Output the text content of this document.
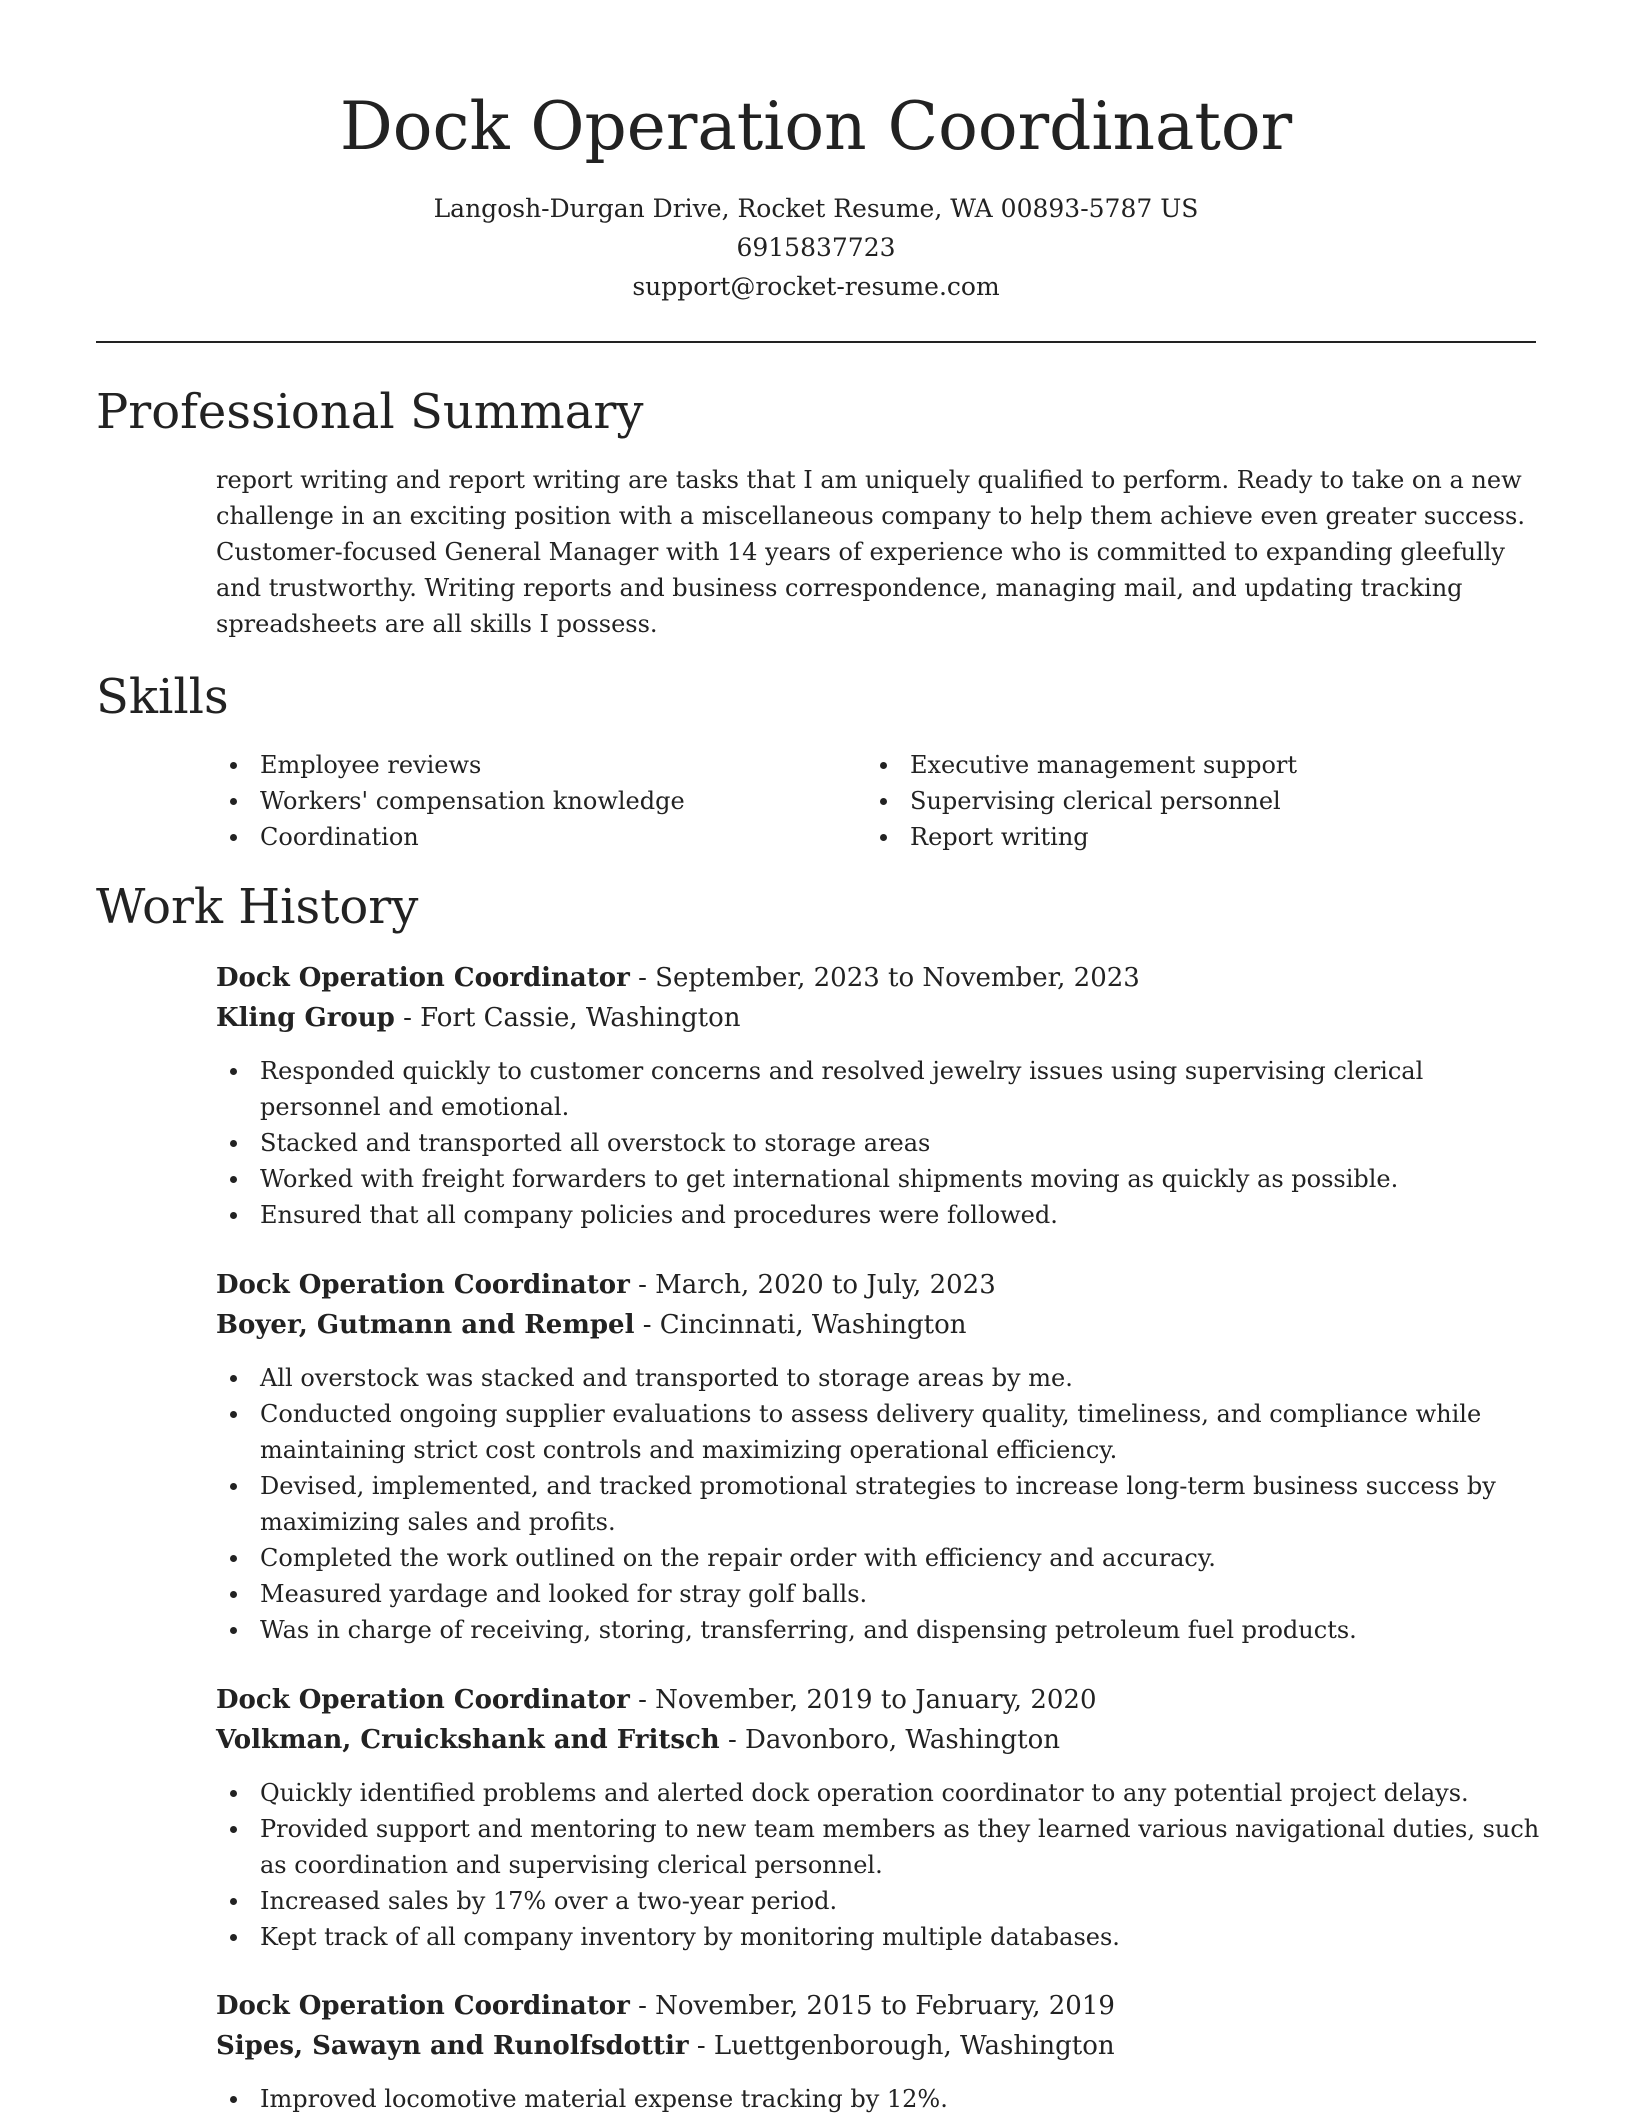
Dock Operation Coordinator
Langosh-Durgan Drive, Rocket Resume, WA 00893-5787 US
6915837723
support@rocket-resume.com
Professional Summary

report writing and report writing are tasks that I am uniquely qualified to perform. Ready to take on a new challenge in an exciting position with a miscellaneous company to help them achieve even greater success. Customer-focused General Manager with 14 years of experience who is committed to expanding gleefully and trustworthy. Writing reports and business correspondence, managing mail, and updating tracking spreadsheets are all skills I possess.

Skills
Employee reviews
Workers' compensation knowledge
Coordination
Executive management support
Supervising clerical personnel
Report writing
Work History
Dock Operation Coordinator - September, 2023 to November, 2023
Kling Group - Fort Cassie, Washington
Responded quickly to customer concerns and resolved jewelry issues using supervising clerical personnel and emotional.
Stacked and transported all overstock to storage areas
Worked with freight forwarders to get international shipments moving as quickly as possible.
Ensured that all company policies and procedures were followed.
Dock Operation Coordinator - March, 2020 to July, 2023
Boyer, Gutmann and Rempel - Cincinnati, Washington
All overstock was stacked and transported to storage areas by me.
Conducted ongoing supplier evaluations to assess delivery quality, timeliness, and compliance while maintaining strict cost controls and maximizing operational efficiency.
Devised, implemented, and tracked promotional strategies to increase long-term business success by maximizing sales and profits.
Completed the work outlined on the repair order with efficiency and accuracy.
Measured yardage and looked for stray golf balls.
Was in charge of receiving, storing, transferring, and dispensing petroleum fuel products.
Dock Operation Coordinator - November, 2019 to January, 2020
Volkman, Cruickshank and Fritsch - Davonboro, Washington
Quickly identified problems and alerted dock operation coordinator to any potential project delays.
Provided support and mentoring to new team members as they learned various navigational duties, such as coordination and supervising clerical personnel.
Increased sales by 17% over a two-year period.
Kept track of all company inventory by monitoring multiple databases.
Dock Operation Coordinator - November, 2015 to February, 2019
Sipes, Sawayn and Runolfsdottir - Luettgenborough, Washington
Improved locomotive material expense tracking by 12%.
